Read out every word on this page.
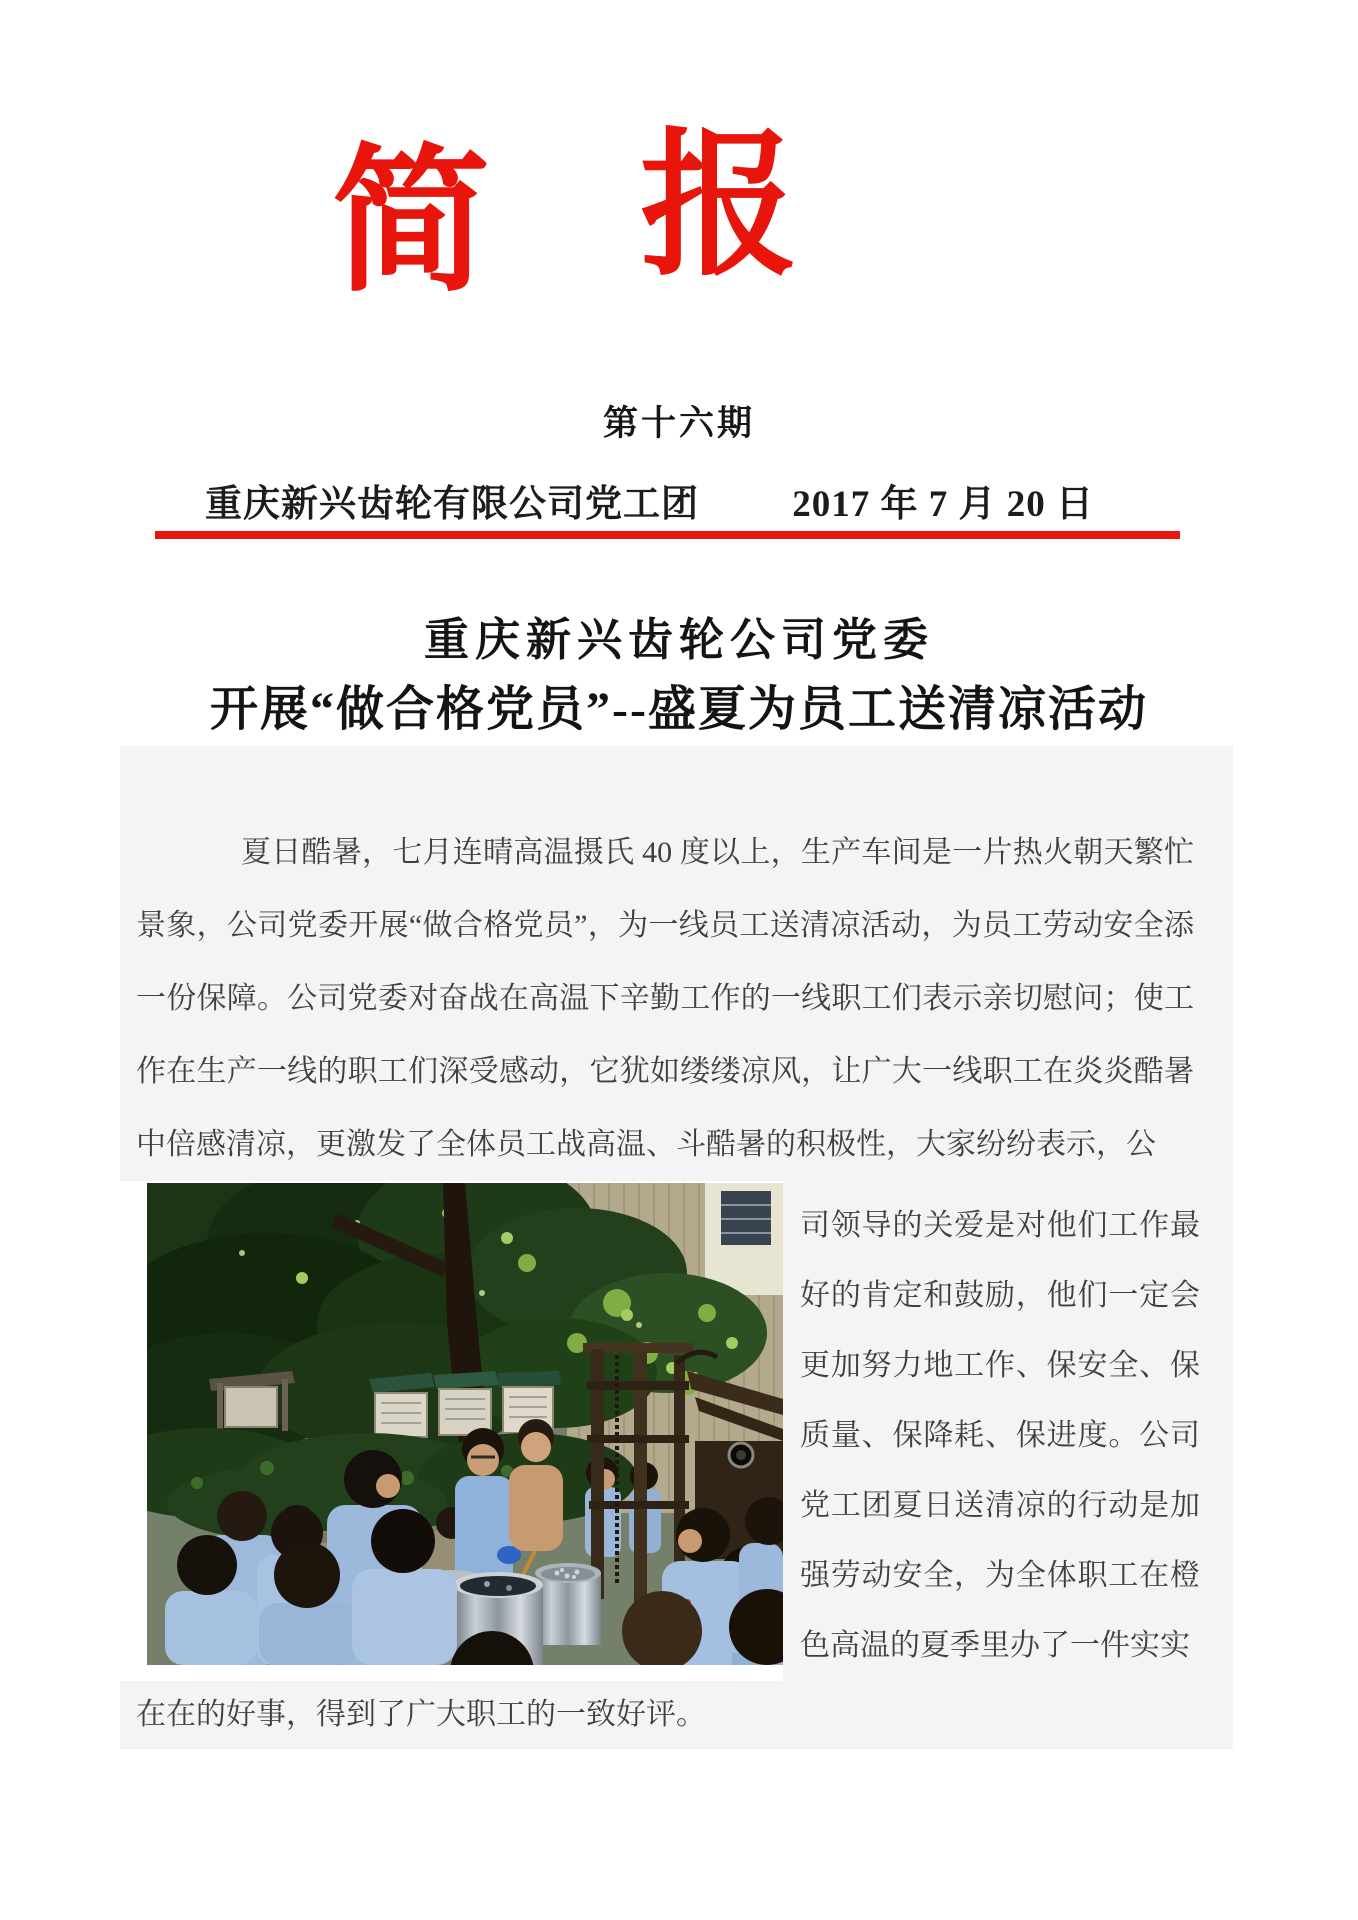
简 报
第十六期
重庆新兴齿轮有限公司党工团	2017 年 7 月 20 日
重庆新兴齿轮公司党委
开展“做合格党员”--盛夏为员工送清凉活动
夏日酷暑，七月连晴高温摄氏 40 度以上，生产车间是一片热火朝天繁忙景象，公司党委开展“做合格党员”，为一线员工送清凉活动，为员工劳动安全添一份保障。公司党委对奋战在高温下辛勤工作的一线职工们表示亲切慰问；使工作在生产一线的职工们深受感动，它犹如缕缕凉风，让广大一线职工在炎炎酷暑中倍感清凉，更激发了全体员工战高温、斗酷暑的积极性，大家纷纷表示，公
司领导的关爱是对他们工作最好的肯定和鼓励，他们一定会更加努力地工作、保安全、保质量、保降耗、保进度。公司党工团夏日送清凉的行动是加强劳动安全，为全体职工在橙色高温的夏季里办了一件实实
在在的好事，得到了广大职工的一致好评。
